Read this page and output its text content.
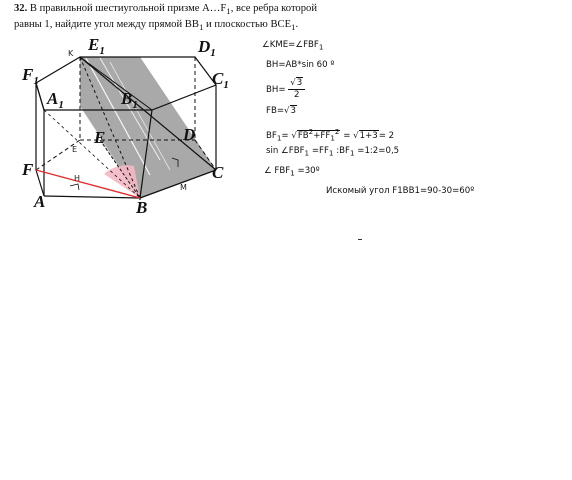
32. В правильной шестиугольной призме $A\dots F_1$, все ребра которой
равны 1, найдите угол между прямой $BB_1$ и плоскостью $BCE_1$.
$F_1$
$A_1$
$E_1$	$D_1$
$C_1$
$B_1$
F
A	B
C
D
E
K
E
H
M
$\angle KME=\angle FBF_1$
BH=AB*sin 60 º
$BH= \frac{√3}{2}$
FB=√3
$BF_1= √FB^2+FF_1^2 = √1+3= 2$
$\sin \angle FBF_1 =FF_1$ $:BF_1$ =1:2=0,5
∠ $FBF_1$ =30º
Искомый угол F1BB1=90-30=60º
